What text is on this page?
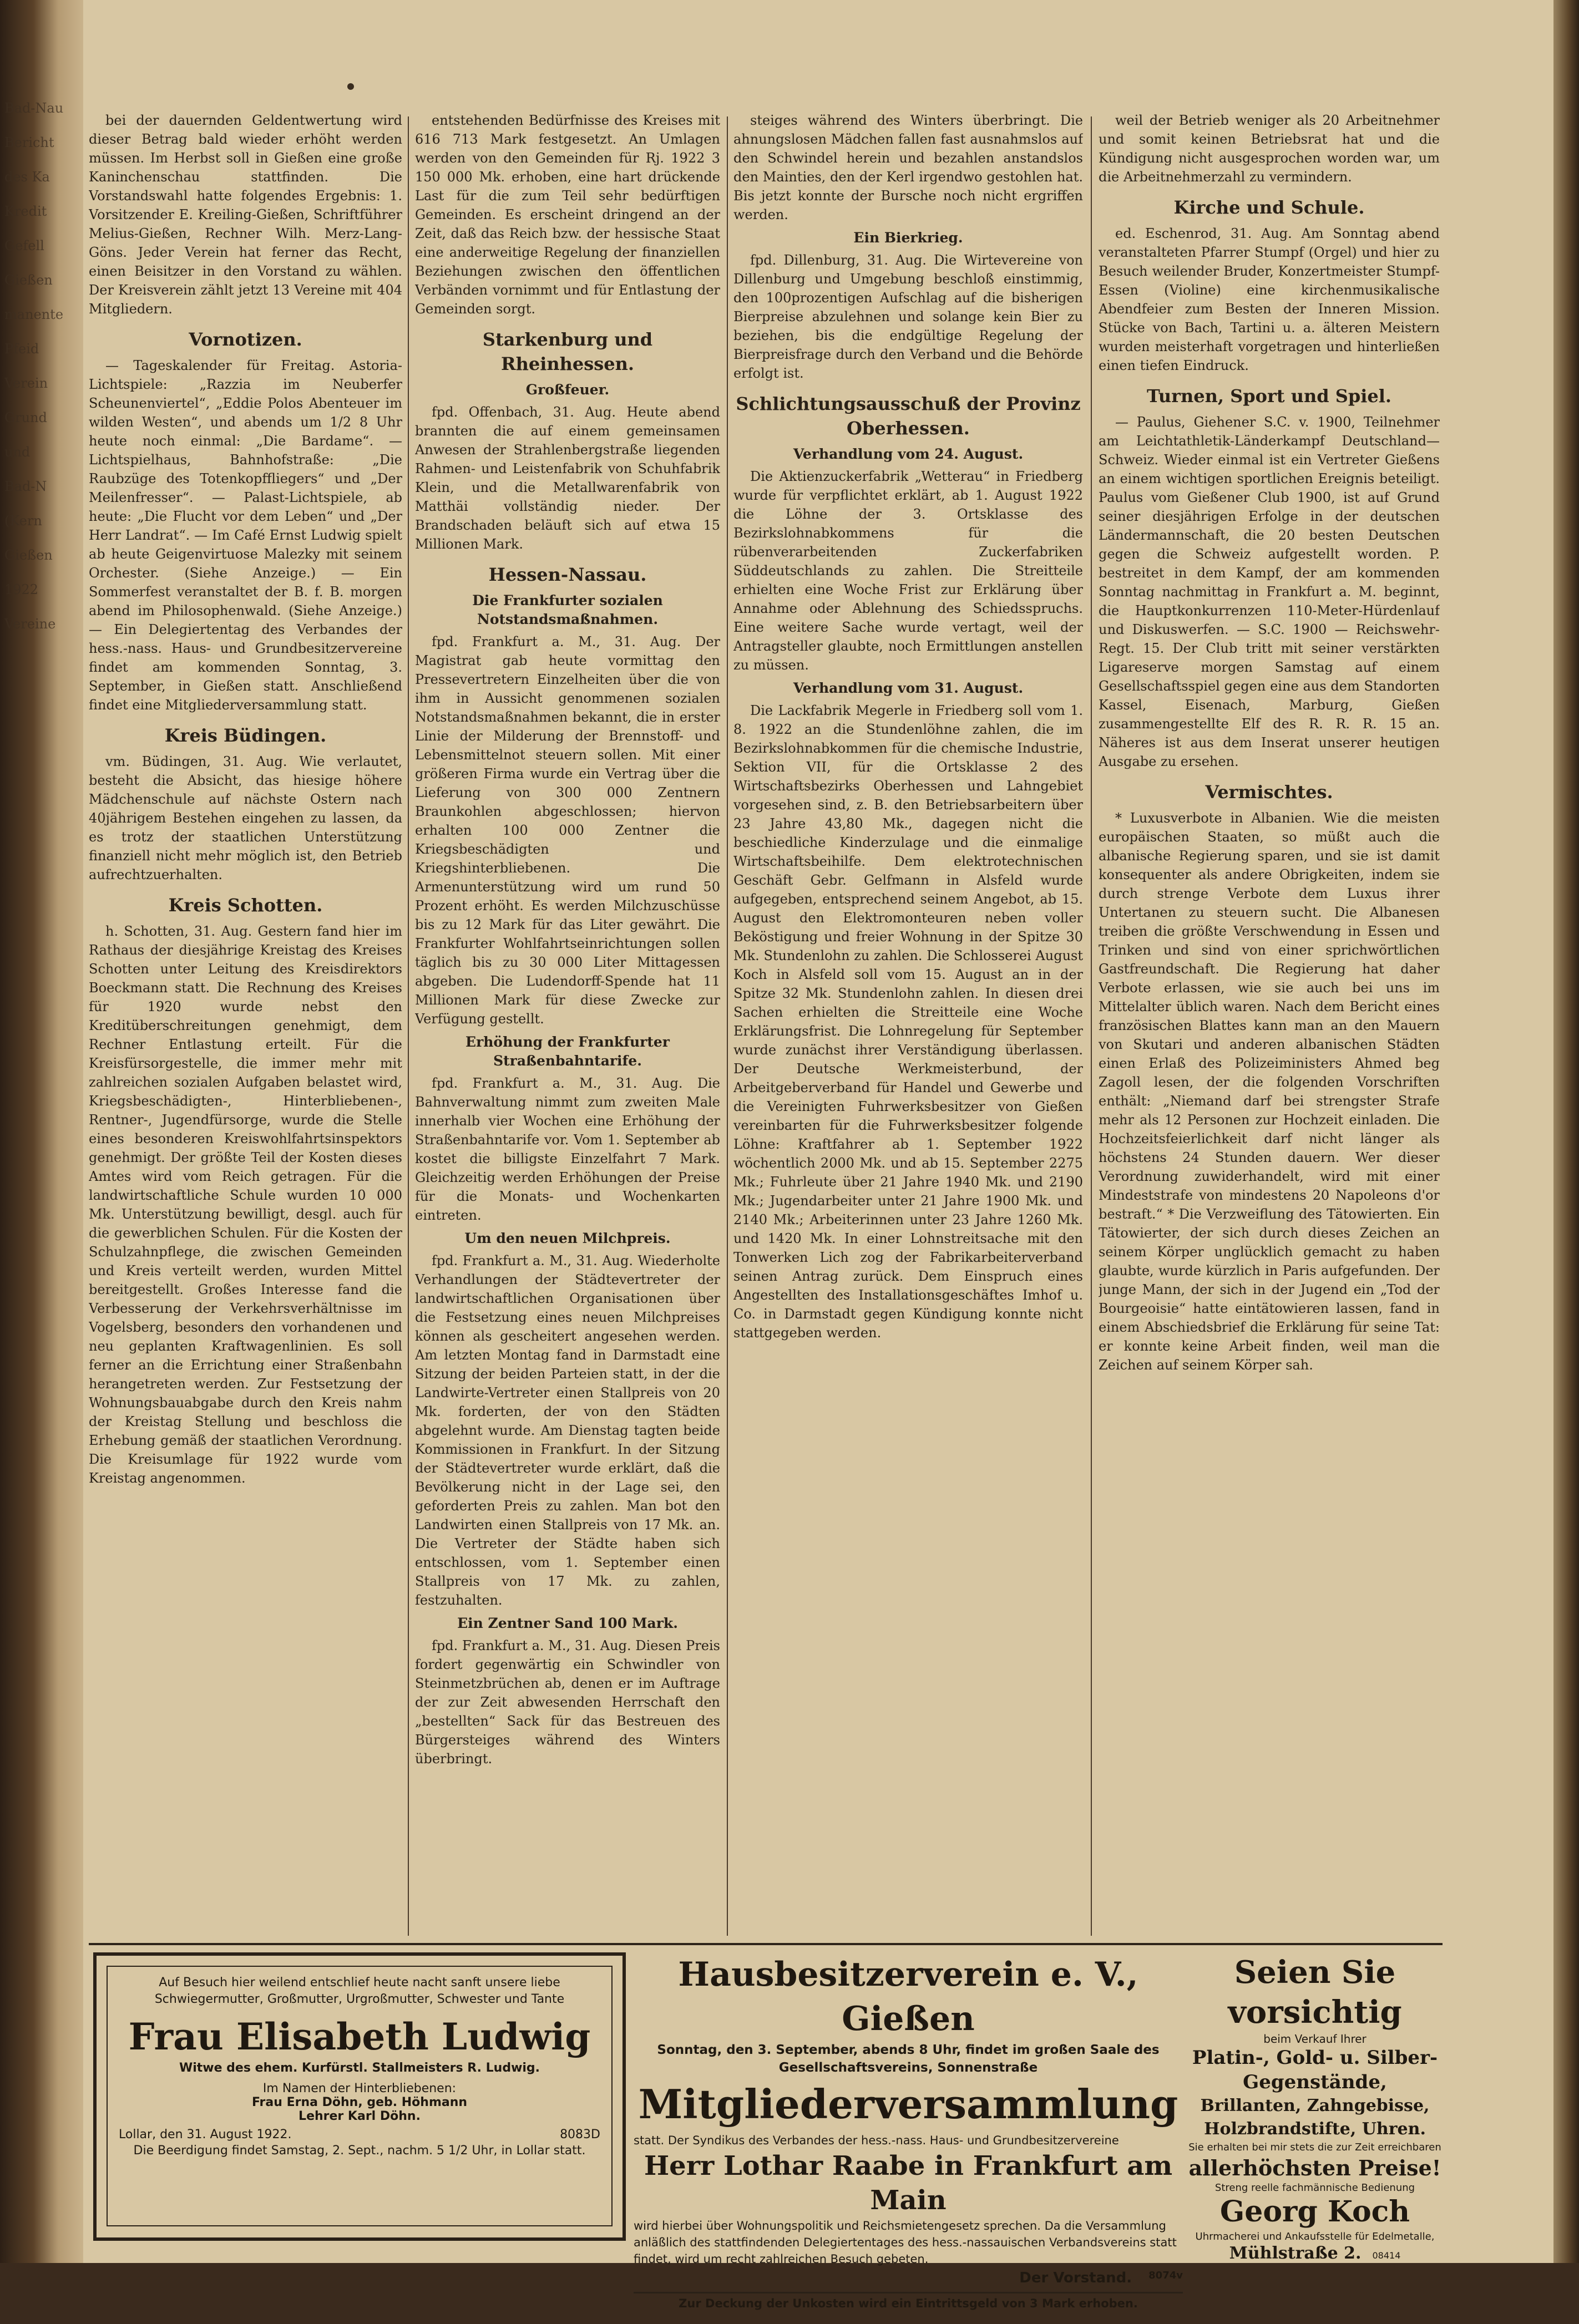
Bad-Nau

Bericht

des Ka

Kredit

Gefell

Gießen

manente

Pfeid

Verein

Grund

und

Bad-N

(Kern

Gießen

1922

Vereine

bei der dauernden Geldentwertung wird dieser Betrag bald wieder erhöht werden müssen. Im Herbst soll in Gießen eine große Kaninchenschau stattfinden. Die Vorstandswahl hatte folgendes Ergebnis: 1. Vorsitzender E. Kreiling-Gießen, Schriftführer Melius-Gießen, Rechner Wilh. Merz-Lang-Göns. Jeder Verein hat ferner das Recht, einen Beisitzer in den Vorstand zu wählen. Der Kreisverein zählt jetzt 13 Vereine mit 404 Mitgliedern.

Vornotizen.

— Tageskalender für Freitag. Astoria-Lichtspiele: „Razzia im Neuberfer Scheunenviertel“, „Eddie Polos Abenteuer im wilden Westen“, und abends um 1/2 8 Uhr heute noch einmal: „Die Bardame“. — Lichtspielhaus, Bahnhofstraße: „Die Raubzüge des Totenkopffliegers“ und „Der Meilenfresser“. — Palast-Lichtspiele, ab heute: „Die Flucht vor dem Leben“ und „Der Herr Landrat“. — Im Café Ernst Ludwig spielt ab heute Geigenvirtuose Malezky mit seinem Orchester. (Siehe Anzeige.) — Ein Sommerfest veranstaltet der B. f. B. morgen abend im Philosophenwald. (Siehe Anzeige.) — Ein Delegiertentag des Verbandes der hess.-nass. Haus- und Grundbesitzervereine findet am kommenden Sonntag, 3. September, in Gießen statt. Anschließend findet eine Mitgliederversammlung statt.

Kreis Büdingen.

vm. Büdingen, 31. Aug. Wie verlautet, besteht die Absicht, das hiesige höhere Mädchenschule auf nächste Ostern nach 40jährigem Bestehen eingehen zu lassen, da es trotz der staatlichen Unterstützung finanziell nicht mehr möglich ist, den Betrieb aufrechtzuerhalten.

Kreis Schotten.

h. Schotten, 31. Aug. Gestern fand hier im Rathaus der diesjährige Kreistag des Kreises Schotten unter Leitung des Kreisdirektors Boeckmann statt. Die Rechnung des Kreises für 1920 wurde nebst den Kreditüberschreitungen genehmigt, dem Rechner Entlastung erteilt. Für die Kreisfürsorgestelle, die immer mehr mit zahlreichen sozialen Aufgaben belastet wird, Kriegsbeschädigten-, Hinterbliebenen-, Rentner-, Jugendfürsorge, wurde die Stelle eines besonderen Kreiswohlfahrtsinspektors genehmigt. Der größte Teil der Kosten dieses Amtes wird vom Reich getragen. Für die landwirtschaftliche Schule wurden 10 000 Mk. Unterstützung bewilligt, desgl. auch für die gewerblichen Schulen. Für die Kosten der Schulzahnpflege, die zwischen Gemeinden und Kreis verteilt werden, wurden Mittel bereitgestellt. Großes Interesse fand die Verbesserung der Verkehrsverhältnisse im Vogelsberg, besonders den vorhandenen und neu geplanten Kraftwagenlinien. Es soll ferner an die Errichtung einer Straßenbahn herangetreten werden. Zur Festsetzung der Wohnungsbauabgabe durch den Kreis nahm der Kreistag Stellung und beschloss die Erhebung gemäß der staatlichen Verordnung. Die Kreisumlage für 1922 wurde vom Kreistag angenommen.

entstehenden Bedürfnisse des Kreises mit 616 713 Mark festgesetzt. An Umlagen werden von den Gemeinden für Rj. 1922 3 150 000 Mk. erhoben, eine hart drückende Last für die zum Teil sehr bedürftigen Gemeinden. Es erscheint dringend an der Zeit, daß das Reich bzw. der hessische Staat eine anderweitige Regelung der finanziellen Beziehungen zwischen den öffentlichen Verbänden vornimmt und für Entlastung der Gemeinden sorgt.

Starkenburg und Rheinhessen.
Großfeuer.

fpd. Offenbach, 31. Aug. Heute abend brannten die auf einem gemeinsamen Anwesen der Strahlenbergstraße liegenden Rahmen- und Leistenfabrik von Schuhfabrik Klein, und die Metallwarenfabrik von Matthäi vollständig nieder. Der Brandschaden beläuft sich auf etwa 15 Millionen Mark.

Hessen-Nassau.
Die Frankfurter sozialen Notstandsmaßnahmen.

fpd. Frankfurt a. M., 31. Aug. Der Magistrat gab heute vormittag den Pressevertretern Einzelheiten über die von ihm in Aussicht genommenen sozialen Notstandsmaßnahmen bekannt, die in erster Linie der Milderung der Brennstoff- und Lebensmittelnot steuern sollen. Mit einer größeren Firma wurde ein Vertrag über die Lieferung von 300 000 Zentnern Braunkohlen abgeschlossen; hiervon erhalten 100 000 Zentner die Kriegsbeschädigten und Kriegshinterbliebenen. Die Armenunterstützung wird um rund 50 Prozent erhöht. Es werden Milchzuschüsse bis zu 12 Mark für das Liter gewährt. Die Frankfurter Wohlfahrtseinrichtungen sollen täglich bis zu 30 000 Liter Mittagessen abgeben. Die Ludendorff-Spende hat 11 Millionen Mark für diese Zwecke zur Verfügung gestellt.

Erhöhung der Frankfurter Straßenbahntarife.

fpd. Frankfurt a. M., 31. Aug. Die Bahnverwaltung nimmt zum zweiten Male innerhalb vier Wochen eine Erhöhung der Straßenbahntarife vor. Vom 1. September ab kostet die billigste Einzelfahrt 7 Mark. Gleichzeitig werden Erhöhungen der Preise für die Monats- und Wochenkarten eintreten.

Um den neuen Milchpreis.

fpd. Frankfurt a. M., 31. Aug. Wiederholte Verhandlungen der Städtevertreter der landwirtschaftlichen Organisationen über die Festsetzung eines neuen Milchpreises können als gescheitert angesehen werden. Am letzten Montag fand in Darmstadt eine Sitzung der beiden Parteien statt, in der die Landwirte-Vertreter einen Stallpreis von 20 Mk. forderten, der von den Städten abgelehnt wurde. Am Dienstag tagten beide Kommissionen in Frankfurt. In der Sitzung der Städtevertreter wurde erklärt, daß die Bevölkerung nicht in der Lage sei, den geforderten Preis zu zahlen. Man bot den Landwirten einen Stallpreis von 17 Mk. an. Die Vertreter der Städte haben sich entschlossen, vom 1. September einen Stallpreis von 17 Mk. zu zahlen, festzuhalten.

Ein Zentner Sand 100 Mark.

fpd. Frankfurt a. M., 31. Aug. Diesen Preis fordert gegenwärtig ein Schwindler von Steinmetzbrüchen ab, denen er im Auftrage der zur Zeit abwesenden Herrschaft den „bestellten“ Sack für das Bestreuen des Bürgersteiges während des Winters überbringt.

steiges während des Winters überbringt. Die ahnungslosen Mädchen fallen fast ausnahmslos auf den Schwindel herein und bezahlen anstandslos den Mainties, den der Kerl irgendwo gestohlen hat. Bis jetzt konnte der Bursche noch nicht ergriffen werden.

Ein Bierkrieg.

fpd. Dillenburg, 31. Aug. Die Wirtevereine von Dillenburg und Umgebung beschloß einstimmig, den 100prozentigen Aufschlag auf die bisherigen Bierpreise abzulehnen und solange kein Bier zu beziehen, bis die endgültige Regelung der Bierpreisfrage durch den Verband und die Behörde erfolgt ist.

Schlichtungsausschuß der Provinz Oberhessen.
Verhandlung vom 24. August.

Die Aktienzuckerfabrik „Wetterau“ in Friedberg wurde für verpflichtet erklärt, ab 1. August 1922 die Löhne der 3. Ortsklasse des Bezirkslohnabkommens für die rübenverarbeitenden Zuckerfabriken Süddeutschlands zu zahlen. Die Streitteile erhielten eine Woche Frist zur Erklärung über Annahme oder Ablehnung des Schiedsspruchs. Eine weitere Sache wurde vertagt, weil der Antragsteller glaubte, noch Ermittlungen anstellen zu müssen.

Verhandlung vom 31. August.

Die Lackfabrik Megerle in Friedberg soll vom 1. 8. 1922 an die Stundenlöhne zahlen, die im Bezirkslohnabkommen für die chemische Industrie, Sektion VII, für die Ortsklasse 2 des Wirtschaftsbezirks Oberhessen und Lahngebiet vorgesehen sind, z. B. den Betriebsarbeitern über 23 Jahre 43,80 Mk., dagegen nicht die beschiedliche Kinderzulage und die einmalige Wirtschaftsbeihilfe. Dem elektrotechnischen Geschäft Gebr. Gelfmann in Alsfeld wurde aufgegeben, entsprechend seinem Angebot, ab 15. August den Elektromonteuren neben voller Beköstigung und freier Wohnung in der Spitze 30 Mk. Stundenlohn zu zahlen. Die Schlosserei August Koch in Alsfeld soll vom 15. August an in der Spitze 32 Mk. Stundenlohn zahlen. In diesen drei Sachen erhielten die Streitteile eine Woche Erklärungsfrist. Die Lohnregelung für September wurde zunächst ihrer Verständigung überlassen. Der Deutsche Werkmeisterbund, der Arbeitgeberverband für Handel und Gewerbe und die Vereinigten Fuhrwerksbesitzer von Gießen vereinbarten für die Fuhrwerksbesitzer folgende Löhne: Kraftfahrer ab 1. September 1922 wöchentlich 2000 Mk. und ab 15. September 2275 Mk.; Fuhrleute über 21 Jahre 1940 Mk. und 2190 Mk.; Jugendarbeiter unter 21 Jahre 1900 Mk. und 2140 Mk.; Arbeiterinnen unter 23 Jahre 1260 Mk. und 1420 Mk. In einer Lohnstreitsache mit den Tonwerken Lich zog der Fabrikarbeiterverband seinen Antrag zurück. Dem Einspruch eines Angestellten des Installationsgeschäftes Imhof u. Co. in Darmstadt gegen Kündigung konnte nicht stattgegeben werden.

weil der Betrieb weniger als 20 Arbeitnehmer und somit keinen Betriebsrat hat und die Kündigung nicht ausgesprochen worden war, um die Arbeitnehmerzahl zu vermindern.

Kirche und Schule.

ed. Eschenrod, 31. Aug. Am Sonntag abend veranstalteten Pfarrer Stumpf (Orgel) und hier zu Besuch weilender Bruder, Konzertmeister Stumpf-Essen (Violine) eine kirchenmusikalische Abendfeier zum Besten der Inneren Mission. Stücke von Bach, Tartini u. a. älteren Meistern wurden meisterhaft vorgetragen und hinterließen einen tiefen Eindruck.

Turnen, Sport und Spiel.

— Paulus, Giehener S.C. v. 1900, Teilnehmer am Leichtathletik-Länderkampf Deutschland—Schweiz. Wieder einmal ist ein Vertreter Gießens an einem wichtigen sportlichen Ereignis beteiligt. Paulus vom Gießener Club 1900, ist auf Grund seiner diesjährigen Erfolge in der deutschen Ländermannschaft, die 20 besten Deutschen gegen die Schweiz aufgestellt worden. P. bestreitet in dem Kampf, der am kommenden Sonntag nachmittag in Frankfurt a. M. beginnt, die Hauptkonkurrenzen 110-Meter-Hürdenlauf und Diskuswerfen. — S.C. 1900 — Reichswehr-Regt. 15. Der Club tritt mit seiner verstärkten Ligareserve morgen Samstag auf einem Gesellschaftsspiel gegen eine aus dem Standorten Kassel, Eisenach, Marburg, Gießen zusammengestellte Elf des R. R. R. 15 an. Näheres ist aus dem Inserat unserer heutigen Ausgabe zu ersehen.

Vermischtes.

* Luxusverbote in Albanien. Wie die meisten europäischen Staaten, so müßt auch die albanische Regierung sparen, und sie ist damit konsequenter als andere Obrigkeiten, indem sie durch strenge Verbote dem Luxus ihrer Untertanen zu steuern sucht. Die Albanesen treiben die größte Verschwendung in Essen und Trinken und sind von einer sprichwörtlichen Gastfreundschaft. Die Regierung hat daher Verbote erlassen, wie sie auch bei uns im Mittelalter üblich waren. Nach dem Bericht eines französischen Blattes kann man an den Mauern von Skutari und anderen albanischen Städten einen Erlaß des Polizeiministers Ahmed beg Zagoll lesen, der die folgenden Vorschriften enthält: „Niemand darf bei strengster Strafe mehr als 12 Personen zur Hochzeit einladen. Die Hochzeitsfeierlichkeit darf nicht länger als höchstens 24 Stunden dauern. Wer dieser Verordnung zuwiderhandelt, wird mit einer Mindeststrafe von mindestens 20 Napoleons d'or bestraft.“ * Die Verzweiflung des Tätowierten. Ein Tätowierter, der sich durch dieses Zeichen an seinem Körper unglücklich gemacht zu haben glaubte, wurde kürzlich in Paris aufgefunden. Der junge Mann, der sich in der Jugend ein „Tod der Bourgeoisie“ hatte eintätowieren lassen, fand in einem Abschiedsbrief die Erklärung für seine Tat: er konnte keine Arbeit finden, weil man die Zeichen auf seinem Körper sah.

Auf Besuch hier weilend entschlief heute nacht sanft unsere liebe Schwiegermutter, Großmutter, Urgroßmutter, Schwester und Tante
Frau Elisabeth Ludwig
Witwe des ehem. Kurfürstl. Stallmeisters R. Ludwig.
Im Namen der Hinterbliebenen:
Frau Erna Döhn, geb. Höhmann
Lehrer Karl Döhn.
Lollar, den 31. August 1922.	8083D
Die Beerdigung findet Samstag, 2. Sept., nachm. 5 1/2 Uhr, in Lollar statt.
Hausbesitzerverein e. V., Gießen
Sonntag, den 3. September, abends 8 Uhr, findet im großen Saale des Gesellschaftsvereins, Sonnenstraße
Mitgliederversammlung
statt. Der Syndikus des Verbandes der hess.-nass. Haus- und Grundbesitzervereine
Herr Lothar Raabe in Frankfurt am Main
wird hierbei über Wohnungspolitik und Reichsmietengesetz sprechen. Da die Versammlung anläßlich des stattfindenden Delegiertentages des hess.-nassauischen Verbandsvereins statt findet, wird um recht zahlreichen Besuch gebeten.
Der Vorstand. 8074v
Zur Deckung der Unkosten wird ein Eintrittsgeld von 3 Mark erhoben.
Seien Sie vorsichtig
beim Verkauf Ihrer
Platin-, Gold- u. Silber-Gegenstände,
Brillanten, Zahngebisse, Holzbrandstifte, Uhren.
Sie erhalten bei mir stets die zur Zeit erreichbaren
allerhöchsten Preise!
Streng reelle fachmännische Bedienung
Georg Koch
Uhrmacherei und Ankaufsstelle für Edelmetalle,
Mühlstraße 2. 08414
